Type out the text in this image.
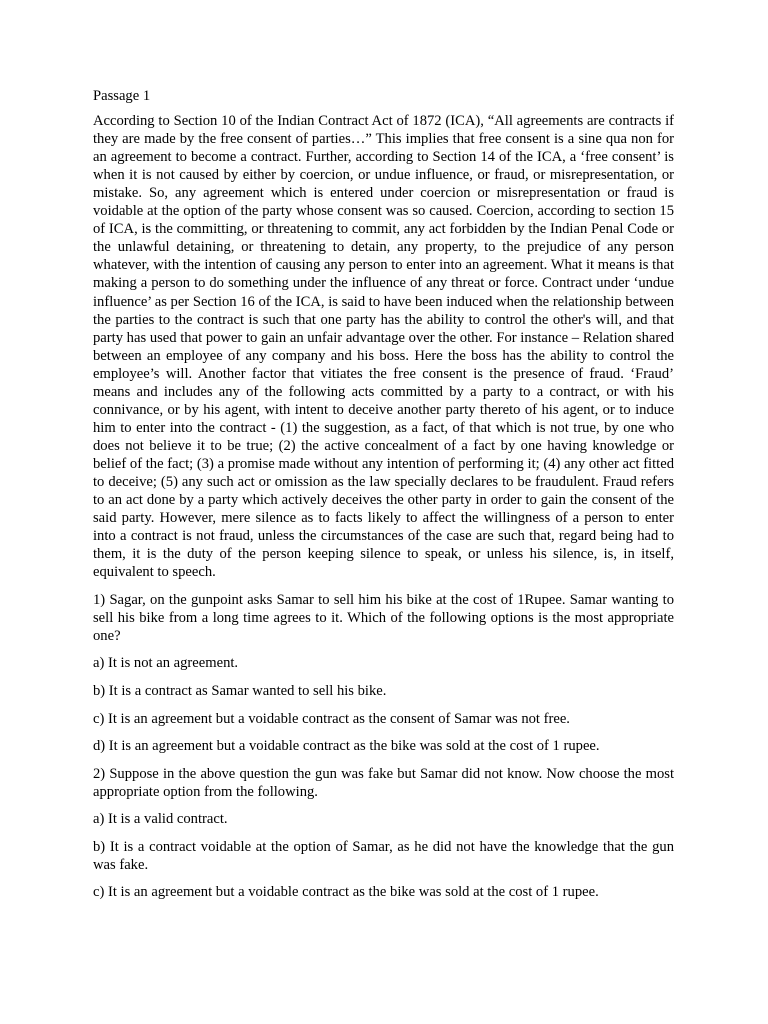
Passage 1

According to Section 10 of the Indian Contract Act of 1872 (ICA), “All agreements are contracts if they are made by the free consent of parties…” This implies that free consent is a sine qua non for an agreement to become a contract. Further, according to Section 14 of the ICA, a ‘free consent’ is when it is not caused by either by coercion, or undue influence, or fraud, or misrepresentation, or mistake. So, any agreement which is entered under coercion or misrepresentation or fraud is voidable at the option of the party whose consent was so caused. Coercion, according to section 15 of ICA, is the committing, or threatening to commit, any act forbidden by the Indian Penal Code or the unlawful detaining, or threatening to detain, any property, to the prejudice of any person whatever, with the intention of causing any person to enter into an agreement. What it means is that making a person to do something under the influence of any threat or force. Contract under ‘undue influence’ as per Section 16 of the ICA, is said to have been induced when the relationship between the parties to the contract is such that one party has the ability to control the other's will, and that party has used that power to gain an unfair advantage over the other. For instance – Relation shared between an employee of any company and his boss. Here the boss has the ability to control the employee’s will. Another factor that vitiates the free consent is the presence of fraud. ‘Fraud’ means and includes any of the following acts committed by a party to a contract, or with his connivance, or by his agent, with intent to deceive another party thereto of his agent, or to induce him to enter into the contract - (1) the suggestion, as a fact, of that which is not true, by one who does not believe it to be true; (2) the active concealment of a fact by one having knowledge or belief of the fact; (3) a promise made without any intention of performing it; (4) any other act fitted to deceive; (5) any such act or omission as the law specially declares to be fraudulent. Fraud refers to an act done by a party which actively deceives the other party in order to gain the consent of the said party. However, mere silence as to facts likely to affect the willingness of a person to enter into a contract is not fraud, unless the circumstances of the case are such that, regard being had to them, it is the duty of the person keeping silence to speak, or unless his silence, is, in itself, equivalent to speech.

1) Sagar, on the gunpoint asks Samar to sell him his bike at the cost of 1Rupee. Samar wanting to sell his bike from a long time agrees to it. Which of the following options is the most appropriate one?

a) It is not an agreement.

b) It is a contract as Samar wanted to sell his bike.

c) It is an agreement but a voidable contract as the consent of Samar was not free.

d) It is an agreement but a voidable contract as the bike was sold at the cost of 1 rupee.

2) Suppose in the above question the gun was fake but Samar did not know. Now choose the most appropriate option from the following.

a) It is a valid contract.

b) It is a contract voidable at the option of Samar, as he did not have the knowledge that the gun was fake.

c) It is an agreement but a voidable contract as the bike was sold at the cost of 1 rupee.
